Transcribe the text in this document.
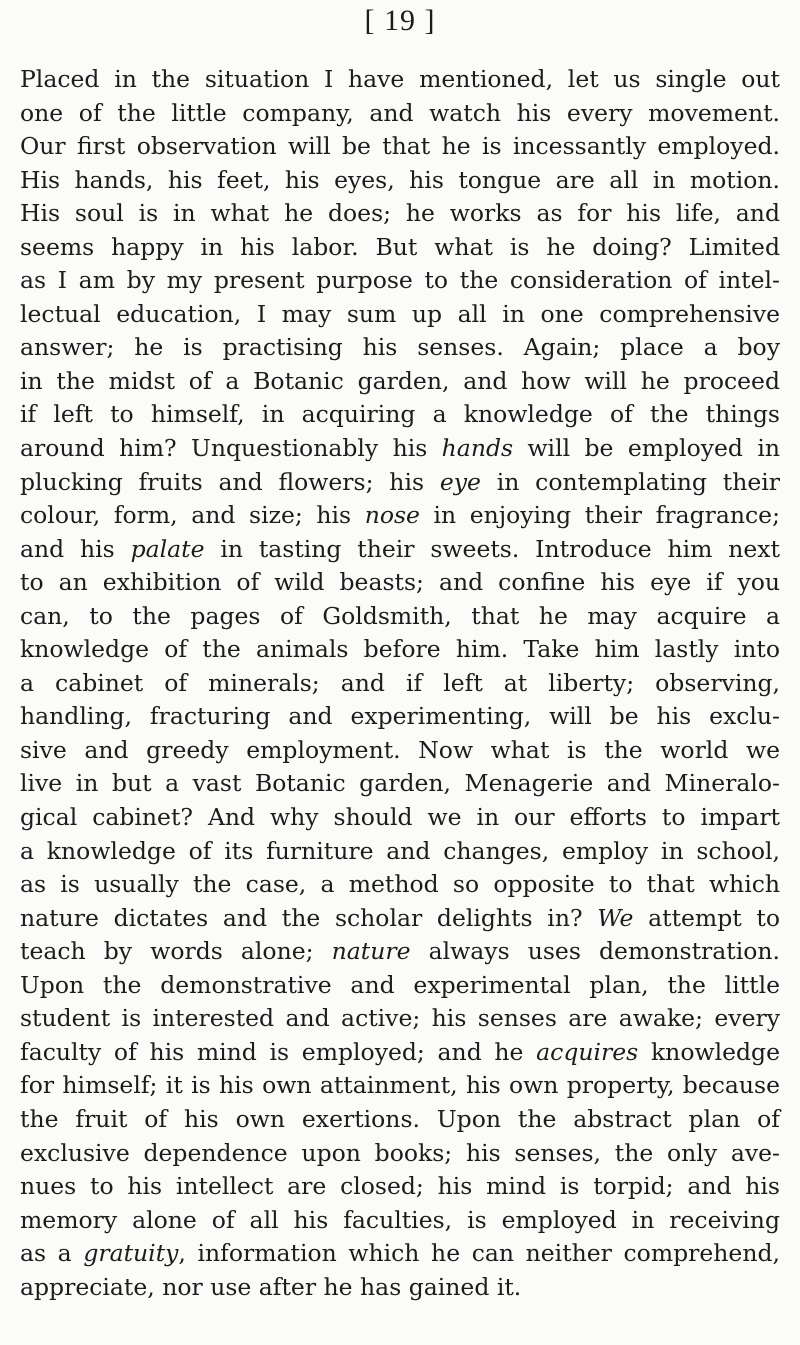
[ 19 ]
Placed in the situation I have mentioned, let us single out
one of the little company, and watch his every movement.
Our first observation will be that he is incessantly employed.
His hands, his feet, his eyes, his tongue are all in motion.
His soul is in what he does; he works as for his life, and
seems happy in his labor. But what is he doing? Limited
as I am by my present purpose to the consideration of intel-
lectual education, I may sum up all in one comprehensive
answer; he is practising his senses. Again; place a boy
in the midst of a Botanic garden, and how will he proceed
if left to himself, in acquiring a knowledge of the things
around him? Unquestionably his hands will be employed in
plucking fruits and flowers; his eye in contemplating their
colour, form, and size; his nose in enjoying their fragrance;
and his palate in tasting their sweets. Introduce him next
to an exhibition of wild beasts; and confine his eye if you
can, to the pages of Goldsmith, that he may acquire a
knowledge of the animals before him. Take him lastly into
a cabinet of minerals; and if left at liberty; observing,
handling, fracturing and experimenting, will be his exclu-
sive and greedy employment. Now what is the world we
live in but a vast Botanic garden, Menagerie and Mineralo-
gical cabinet? And why should we in our efforts to impart
a knowledge of its furniture and changes, employ in school,
as is usually the case, a method so opposite to that which
nature dictates and the scholar delights in? We attempt to
teach by words alone; nature always uses demonstration.
Upon the demonstrative and experimental plan, the little
student is interested and active; his senses are awake; every
faculty of his mind is employed; and he acquires knowledge
for himself; it is his own attainment, his own property, because
the fruit of his own exertions. Upon the abstract plan of
exclusive dependence upon books; his senses, the only ave-
nues to his intellect are closed; his mind is torpid; and his
memory alone of all his faculties, is employed in receiving
as a gratuity, information which he can neither comprehend,
appreciate, nor use after he has gained it.
